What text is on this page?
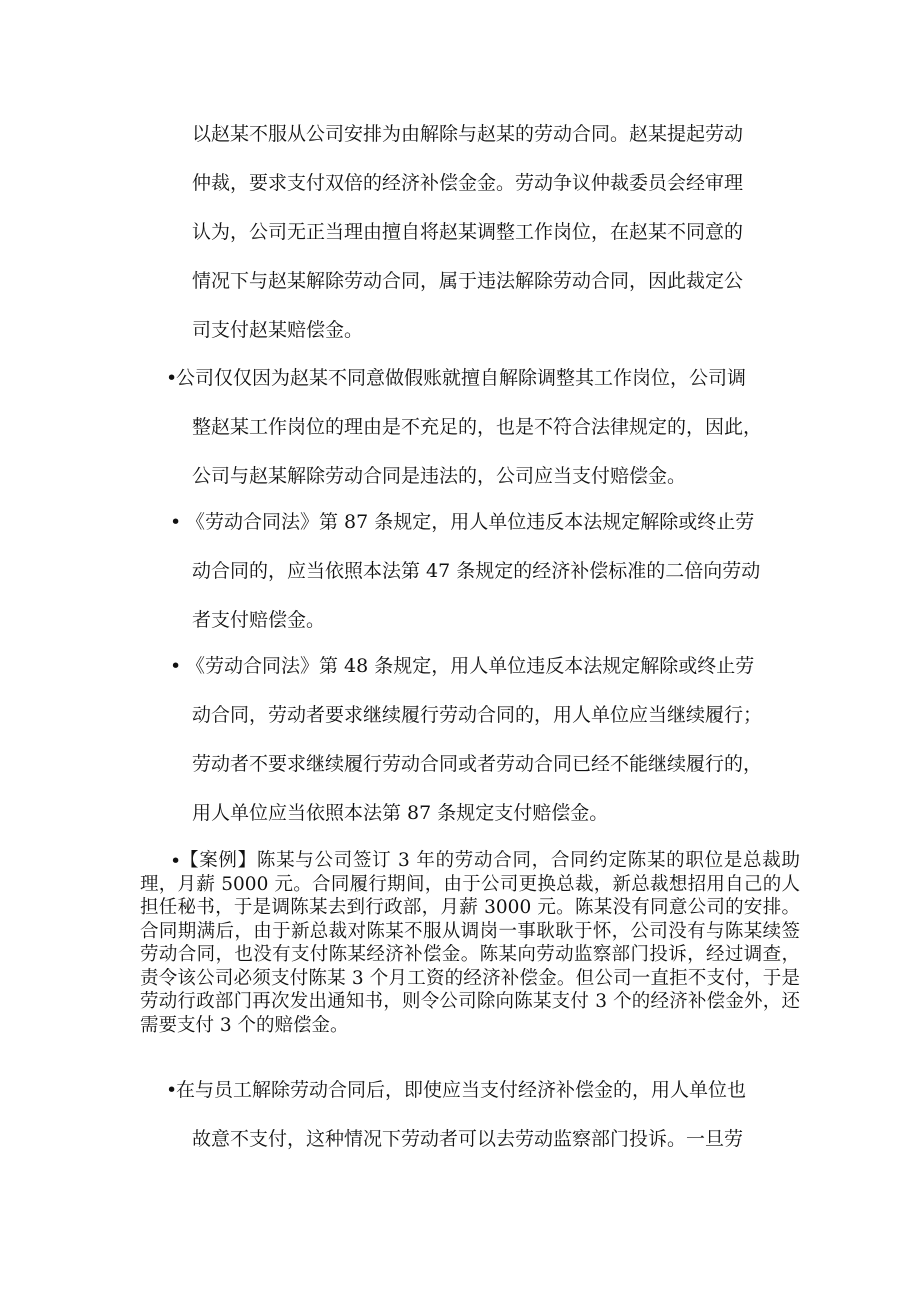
以赵某不服从公司安排为由解除与赵某的劳动合同。赵某提起劳动
仲裁，要求支付双倍的经济补偿金金。劳动争议仲裁委员会经审理
认为，公司无正当理由擅自将赵某调整工作岗位，在赵某不同意的
情况下与赵某解除劳动合同，属于违法解除劳动合同，因此裁定公
司支付赵某赔偿金。
•
公司仅仅因为赵某不同意做假账就擅自解除调整其工作岗位，公司调
整赵某工作岗位的理由是不充足的，也是不符合法律规定的，因此，
公司与赵某解除劳动合同是违法的，公司应当支付赔偿金。
• 《劳动合同法》第 87 条规定，用人单位违反本法规定解除或终止劳
动合同的，应当依照本法第 47 条规定的经济补偿标准的二倍向劳动
者支付赔偿金。
• 《劳动合同法》第 48 条规定，用人单位违反本法规定解除或终止劳
动合同，劳动者要求继续履行劳动合同的，用人单位应当继续履行；
劳动者不要求继续履行劳动合同或者劳动合同已经不能继续履行的，
用人单位应当依照本法第 87 条规定支付赔偿金。
•
【案例】陈某与公司签订 3 年的劳动合同，合同约定陈某的职位是总裁助理，月薪 5000 元。合同履行期间，由于公司更换总裁，新总裁想招用自己的人担任秘书，于是调陈某去到行政部，月薪 3000 元。陈某没有同意公司的安排。合同期满后，由于新总裁对陈某不服从调岗一事耿耿于怀，公司没有与陈某续签劳动合同，也没有支付陈某经济补偿金。陈某向劳动监察部门投诉，经过调查，责令该公司必须支付陈某 3 个月工资的经济补偿金。但公司一直拒不支付，于是劳动行政部门再次发出通知书，则令公司除向陈某支付 3 个的经济补偿金外，还需要支付 3 个的赔偿金。
•
在与员工解除劳动合同后，即使应当支付经济补偿金的，用人单位也
故意不支付，这种情况下劳动者可以去劳动监察部门投诉。一旦劳
